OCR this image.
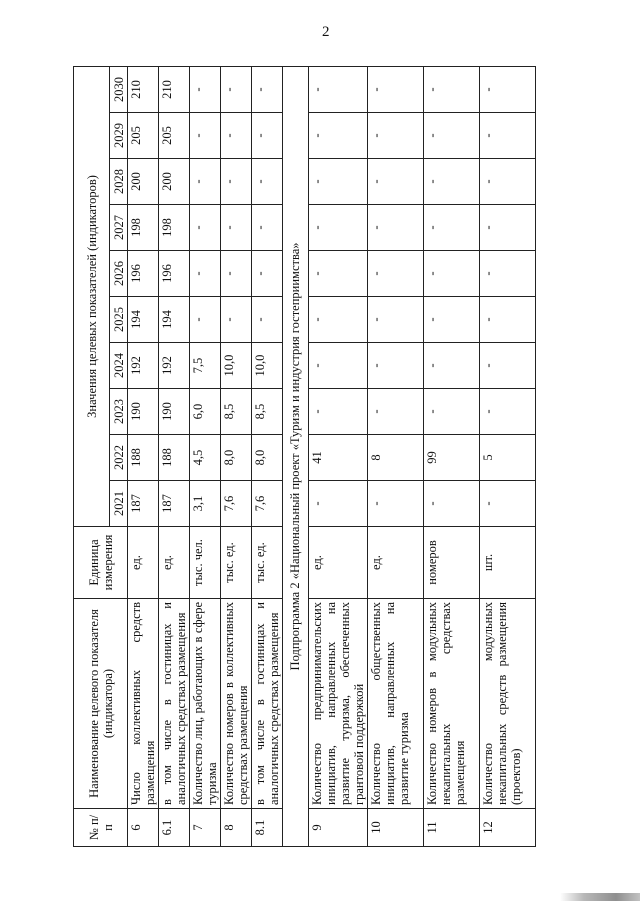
2
№ п/п	Наименование целевого показателя (индикатора)	Единица измерения	Значения целевых показателей (индикаторов)									
			2021	2022	2023	2024	2025	2026	2027	2028	2029	2030
6	Число коллективных средств размещения	ед.	187	188	190	192	194	196	198	200	205	210
6.1	в том числе в гостиницах и аналогичных средствах размещения	ед.	187	188	190	192	194	196	198	200	205	210
7	Количество лиц, работающих в сфере туризма	тыс. чел.	3,1	4,5	6,0	7,5	-	-	-	-	-	-
8	Количество номеров в коллективных средствах размещения	тыс. ед.	7,6	8,0	8,5	10,0	-	-	-	-	-	-
8.1	в том числе в гостиницах и аналогичных средствах размещения	тыс. ед.	7,6	8,0	8,5	10,0	-	-	-	-	-	-
Подпрограмма 2 «Национальный проект «Туризм и индустрия гостеприимства»												
9	Количество предпринимательских инициатив, направленных на развитие туризма, обеспеченных грантовой поддержкой	ед.	-	41	-	-	-	-	-	-	-	-
10	Количество общественных инициатив, направленных на развитие туризма	ед.	-	8	-	-	-	-	-	-	-	-
11	Количество номеров в модульных некапитальных средствах размещения	номеров	-	99	-	-	-	-	-	-	-	-
12	Количество модульных некапитальных средств размещения (проектов)	шт.	-	5	-	-	-	-	-	-	-	-
